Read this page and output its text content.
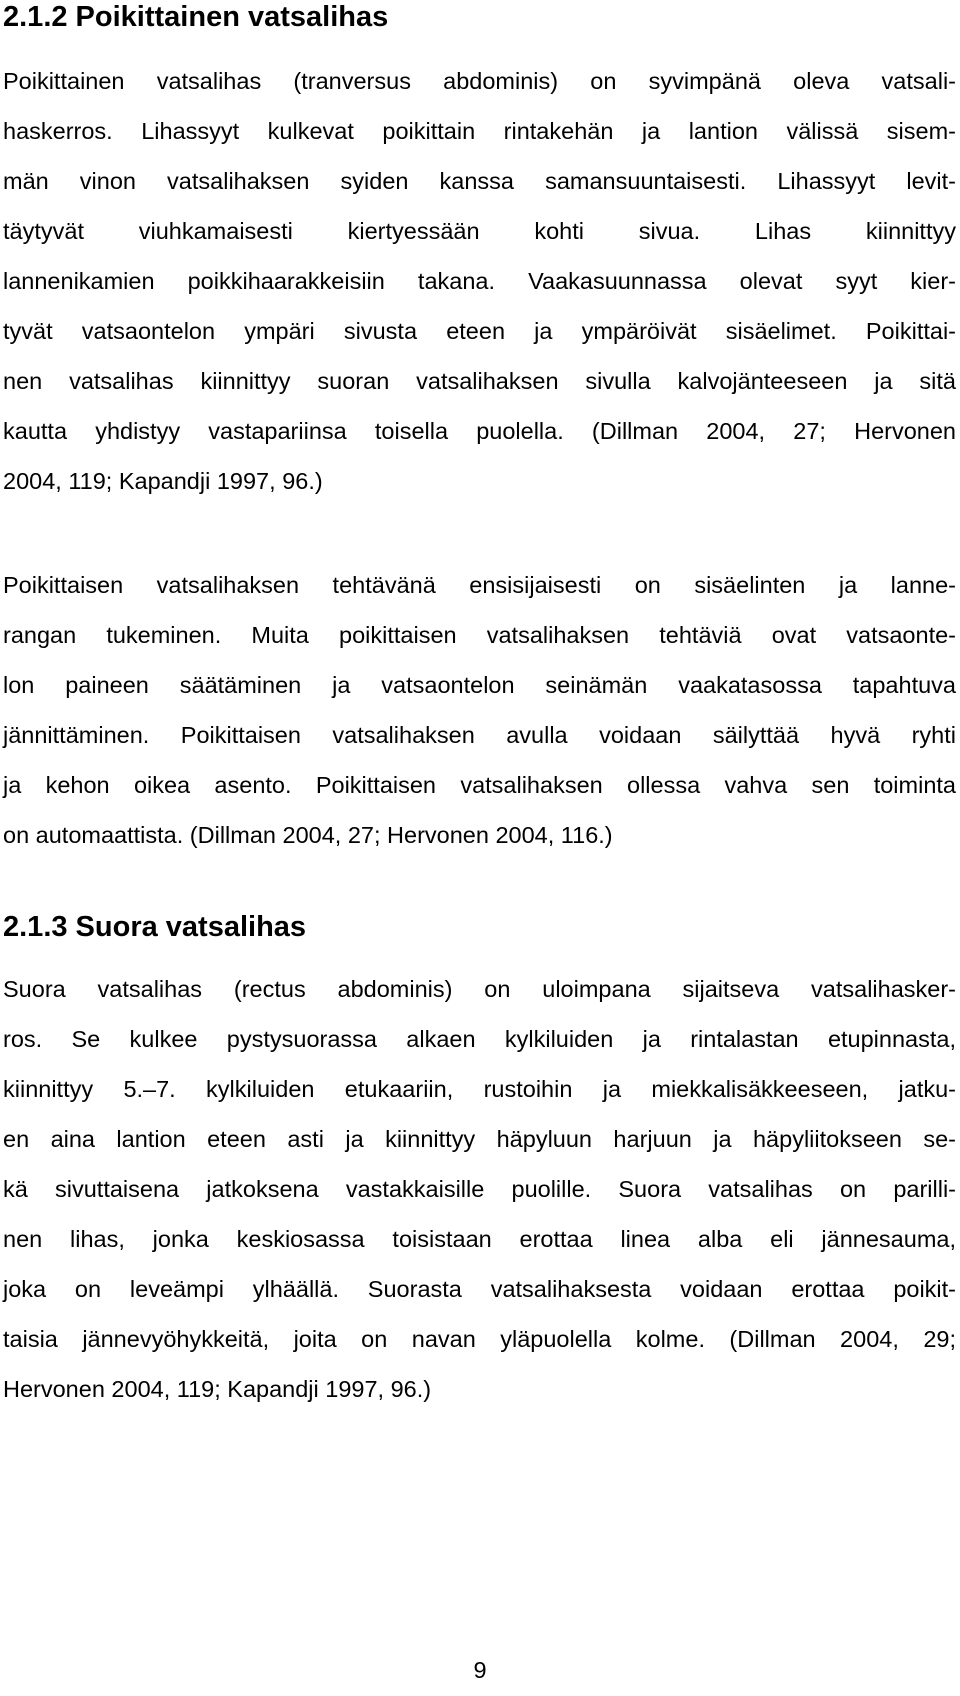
2.1.2 Poikittainen vatsalihas
Poikittainen vatsalihas (tranversus abdominis) on syvimpänä oleva vatsali-
haskerros. Lihassyyt kulkevat poikittain rintakehän ja lantion välissä sisem-
män vinon vatsalihaksen syiden kanssa samansuuntaisesti. Lihassyyt levit-
täytyvät viuhkamaisesti kiertyessään kohti sivua. Lihas kiinnittyy
lannenikamien poikkihaarakkeisiin takana. Vaakasuunnassa olevat syyt kier-
tyvät vatsaontelon ympäri sivusta eteen ja ympäröivät sisäelimet. Poikittai-
nen vatsalihas kiinnittyy suoran vatsalihaksen sivulla kalvojänteeseen ja sitä
kautta yhdistyy vastapariinsa toisella puolella. (Dillman 2004, 27; Hervonen
2004, 119; Kapandji 1997, 96.)
Poikittaisen vatsalihaksen tehtävänä ensisijaisesti on sisäelinten ja lanne-
rangan tukeminen. Muita poikittaisen vatsalihaksen tehtäviä ovat vatsaonte-
lon paineen säätäminen ja vatsaontelon seinämän vaakatasossa tapahtuva
jännittäminen. Poikittaisen vatsalihaksen avulla voidaan säilyttää hyvä ryhti
ja kehon oikea asento. Poikittaisen vatsalihaksen ollessa vahva sen toiminta
on automaattista. (Dillman 2004, 27; Hervonen 2004, 116.)
2.1.3 Suora vatsalihas
Suora vatsalihas (rectus abdominis) on uloimpana sijaitseva vatsalihasker-
ros. Se kulkee pystysuorassa alkaen kylkiluiden ja rintalastan etupinnasta,
kiinnittyy 5.–7. kylkiluiden etukaariin, rustoihin ja miekkalisäkkeeseen, jatku-
en aina lantion eteen asti ja kiinnittyy häpyluun harjuun ja häpyliitokseen se-
kä sivuttaisena jatkoksena vastakkaisille puolille. Suora vatsalihas on parilli-
nen lihas, jonka keskiosassa toisistaan erottaa linea alba eli jännesauma,
joka on leveämpi ylhäällä. Suorasta vatsalihaksesta voidaan erottaa poikit-
taisia jännevyöhykkeitä, joita on navan yläpuolella kolme. (Dillman 2004, 29;
Hervonen 2004, 119; Kapandji 1997, 96.)
9
